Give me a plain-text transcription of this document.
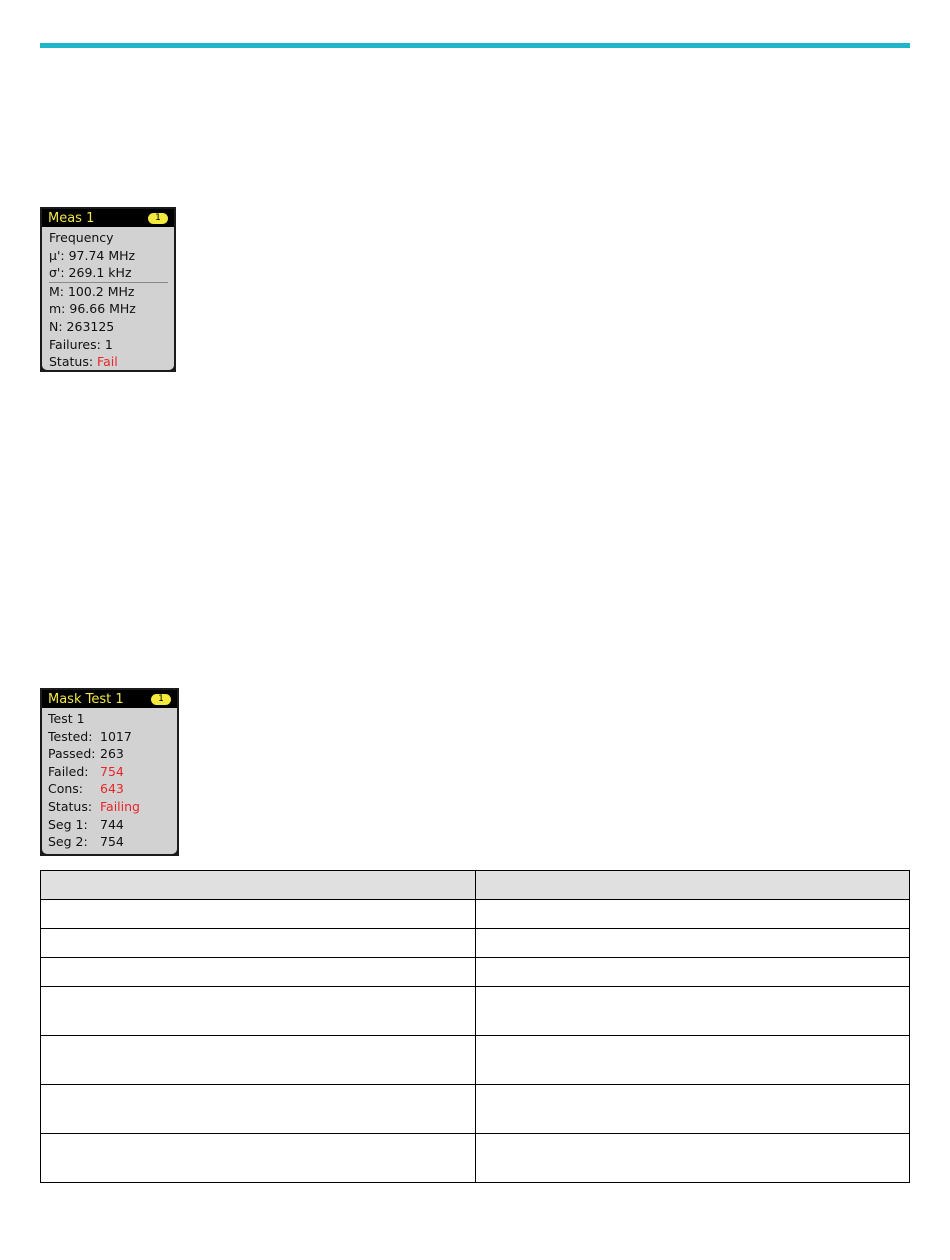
Meas 1	1
Frequency
μ': 97.74 MHz
σ': 269.1 kHz
M: 100.2 MHz
m: 96.66 MHz
N: 263125
Failures: 1
Status: Fail
Mask Test 1	1
Test 1
Tested: 1017
Passed: 263
Failed: 754
Cons: 643
Status: Failing
Seg 1: 744
Seg 2: 754
